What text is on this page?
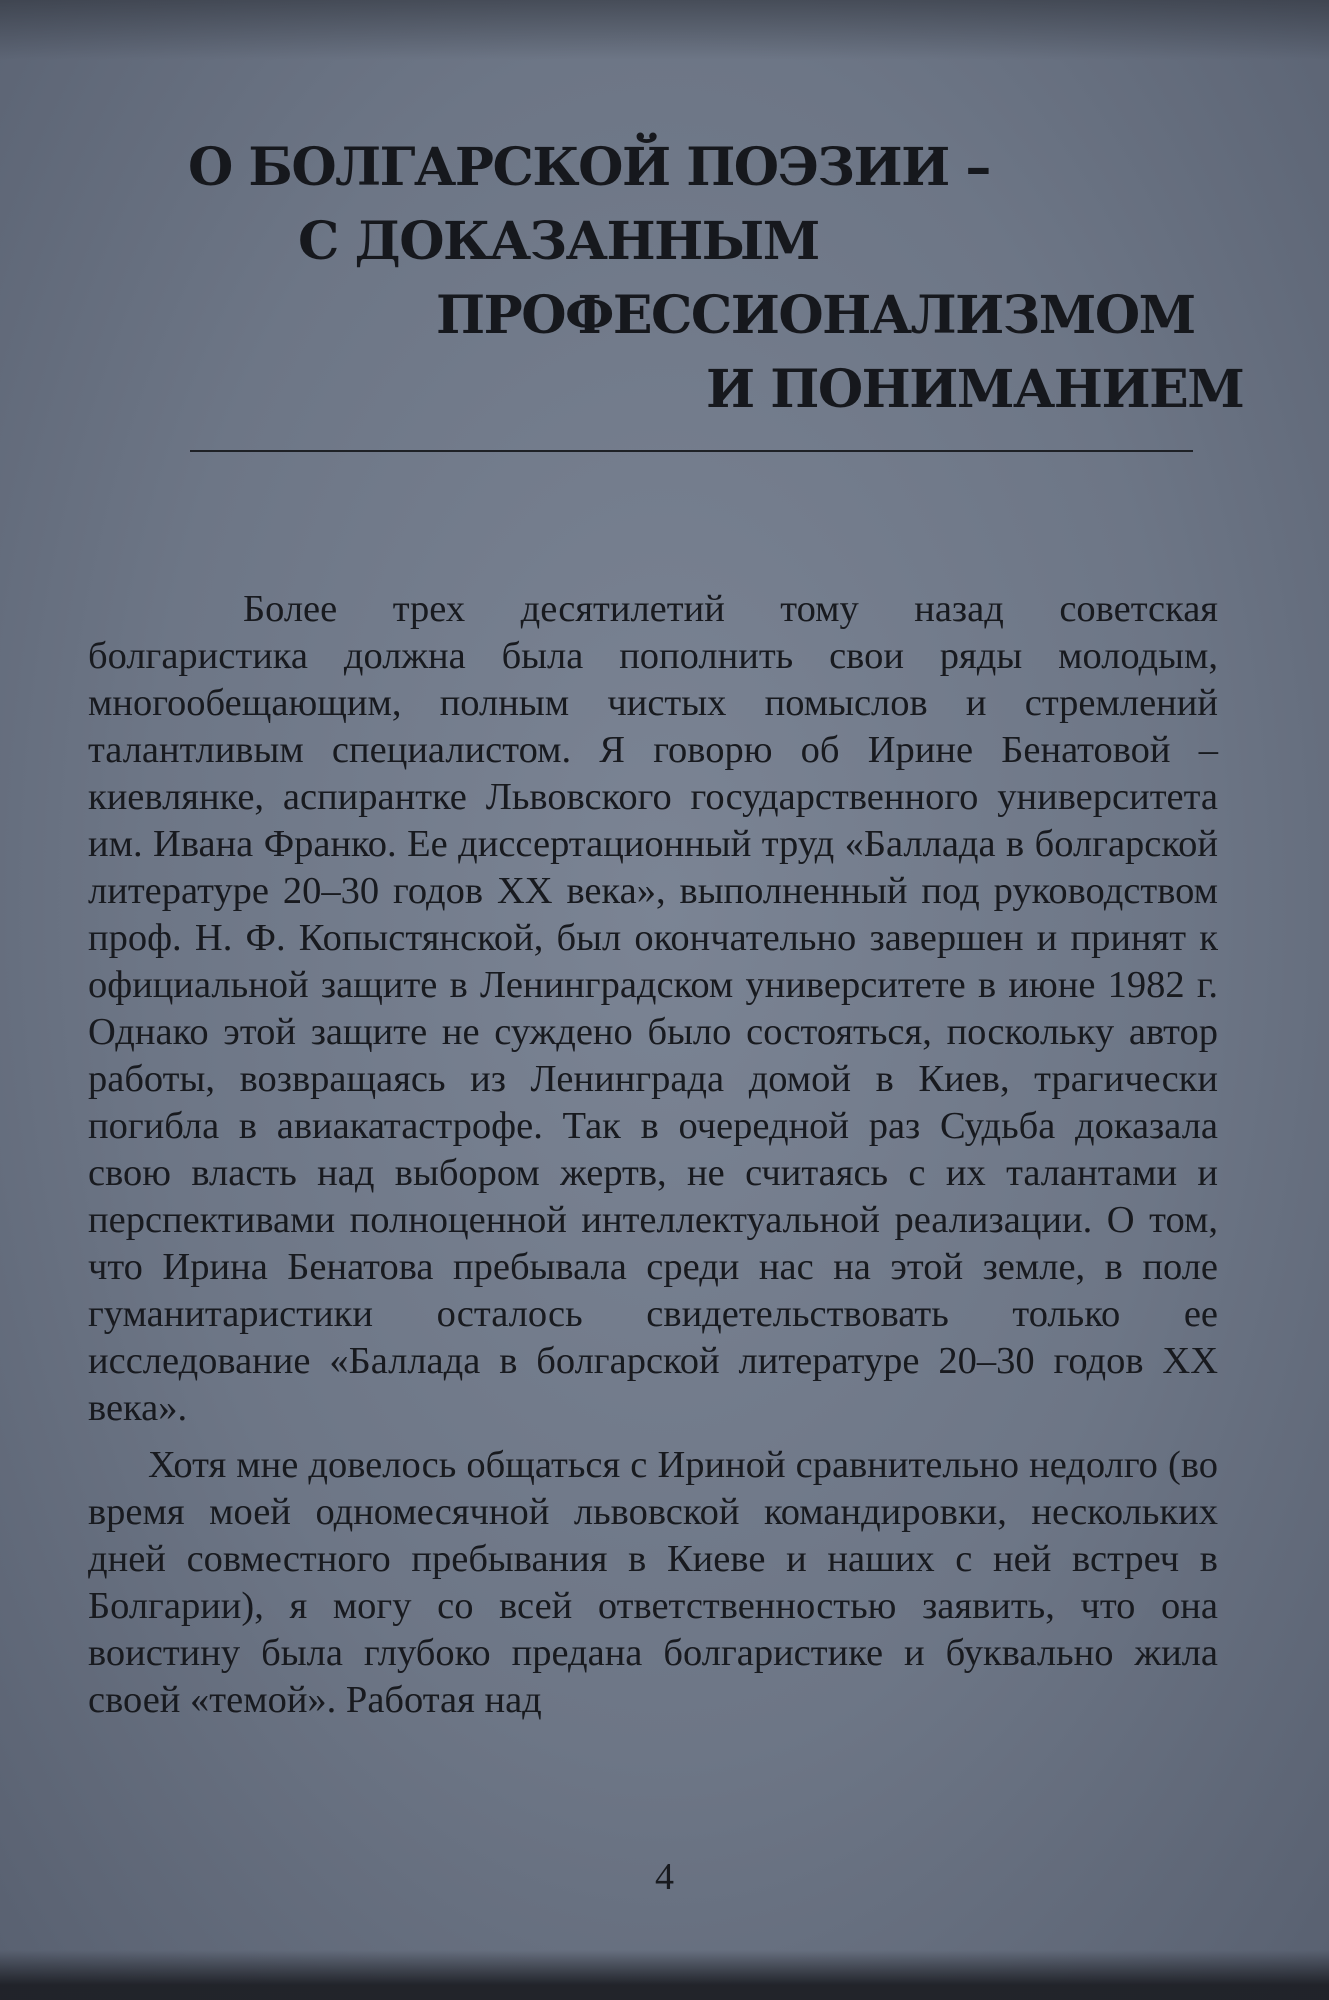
О БОЛГАРСКОЙ ПОЭЗИИ –
С ДОКАЗАННЫМ
ПРОФЕССИОНАЛИЗМОМ
И ПОНИМАНИЕМ

Более трех десятилетий тому назад советская болгаристика должна была пополнить свои ряды молодым, многообещающим, полным чистых помыслов и стремлений талантливым специалистом. Я говорю об Ирине Бенатовой – киевлянке, аспирантке Львовского государственного университета им. Ивана Франко. Ее диссертационный труд «Баллада в болгарской литературе 20–30 годов XX века», выполненный под руководством проф. Н. Ф. Копыстянской, был окончательно завершен и принят к официальной защите в Ленинградском университете в июне 1982 г. Однако этой защите не суждено было состояться, поскольку автор работы, возвращаясь из Ленинграда домой в Киев, трагически погибла в авиакатастрофе. Так в очередной раз Судьба доказала свою власть над выбором жертв, не считаясь с их талантами и перспективами полноценной интеллектуальной реализации. О том, что Ирина Бенатова пребывала среди нас на этой земле, в поле гуманитаристики осталось свидетельствовать только ее исследование «Баллада в болгарской литературе 20–30 годов XX века».

Хотя мне довелось общаться с Ириной сравнительно недолго (во время моей одномесячной львовской командировки, нескольких дней совместного пребывания в Киеве и наших с ней встреч в Болгарии), я могу со всей ответственностью заявить, что она воистину была глубоко предана болгаристике и буквально жила своей «темой». Работая над

4
